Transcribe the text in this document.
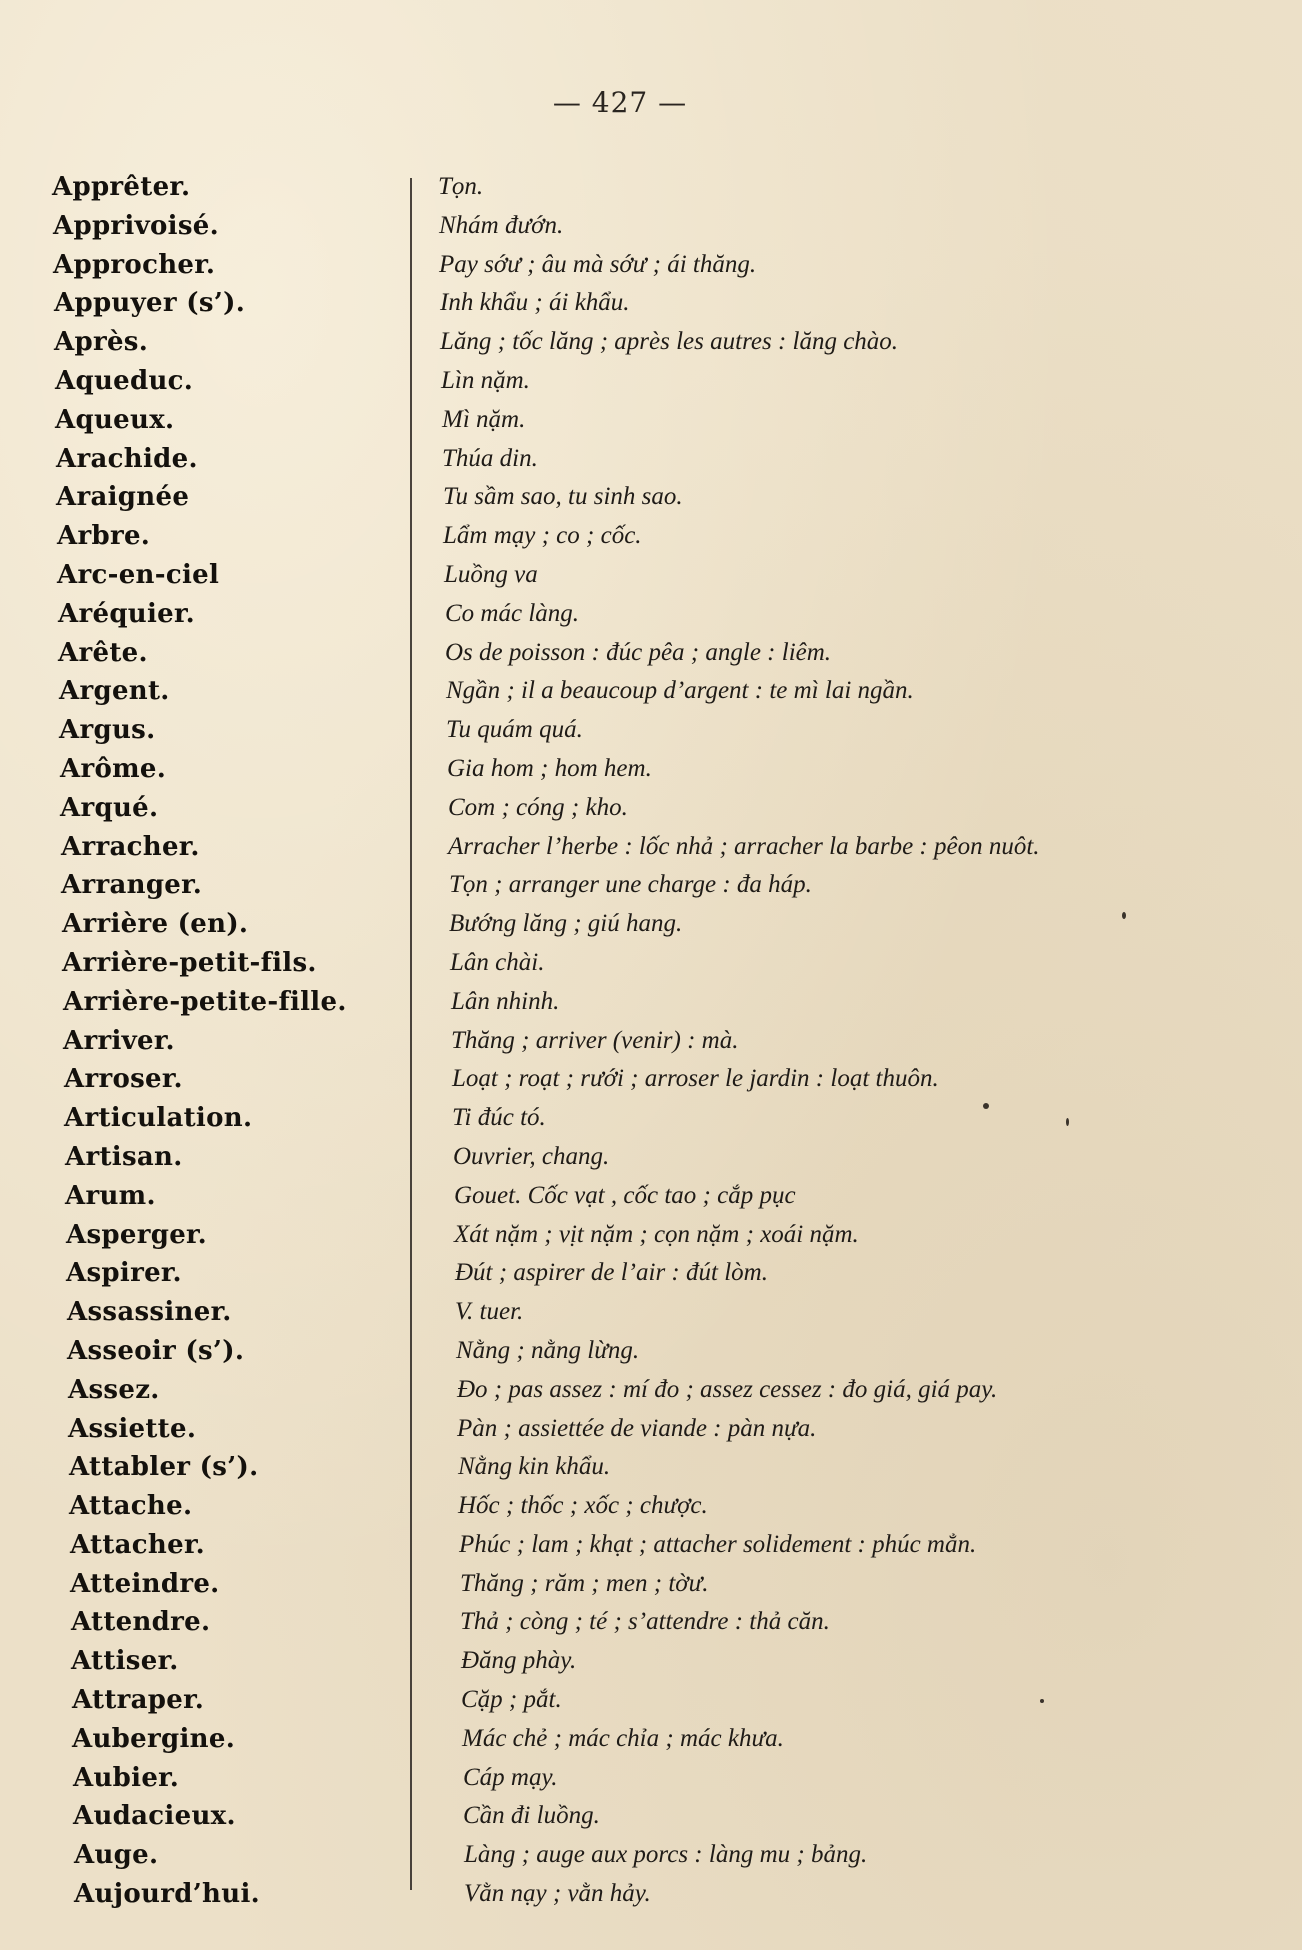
— 427 —
Apprêter.	Tọn.
Apprivoisé.	Nhám đướn.
Approcher.	Pay sớư ; âu mà sớư ; ái thăng.
Appuyer (s’).	Inh khẩu ; ái khẩu.
Après.	Lăng ; tốc lăng ; après les autres : lăng chào.
Aqueduc.	Lìn nặm.
Aqueux.	Mì nặm.
Arachide.	Thúa din.
Araignée	Tu sầm sao, tu sinh sao.
Arbre.	Lẩm mạy ; co ; cốc.
Arc-en-ciel	Luồng va
Aréquier.	Co mác làng.
Arête.	Os de poisson : đúc pêa ; angle : liêm.
Argent.	Ngần ; il a beaucoup d’argent : te mì lai ngần.
Argus.	Tu quám quá.
Arôme.	Gia hom ; hom hem.
Arqué.	Com ; cóng ; kho.
Arracher.	Arracher l’herbe : lốc nhả ; arracher la barbe : pêon nuôt.
Arranger.	Tọn ; arranger une charge : đa háp.
Arrière (en).	Bướng lăng ; giú hang.
Arrière-petit-fils.	Lân chài.
Arrière-petite-fille.	Lân nhinh.
Arriver.	Thăng ; arriver (venir) : mà.
Arroser.	Loạt ; roạt ; rưới ; arroser le jardin : loạt thuôn.
Articulation.	Ti đúc tó.
Artisan.	Ouvrier, chang.
Arum.	Gouet. Cốc vạt , cốc tao ; cắp pục
Asperger.	Xát nặm ; vịt nặm ; cọn nặm ; xoái nặm.
Aspirer.	Đút ; aspirer de l’air : đút lòm.
Assassiner.	V. tuer.
Asseoir (s’).	Nằng ; nằng lừng.
Assez.	Đo ; pas assez : mí đo ; assez cessez : đo giá, giá pay.
Assiette.	Pàn ; assiettée de viande : pàn nựa.
Attabler (s’).	Nằng kin khẩu.
Attache.	Hốc ; thốc ; xốc ; chược.
Attacher.	Phúc ; lam ; khạt ; attacher solidement : phúc mẳn.
Atteindre.	Thăng ; răm ; men ; tờư.
Attendre.	Thả ; còng ; té ; s’attendre : thả căn.
Attiser.	Đăng phày.
Attraper.	Cặp ; pắt.
Aubergine.	Mác chẻ ; mác chỉa ; mác khưa.
Aubier.	Cáp mạy.
Audacieux.	Cần đi luồng.
Auge.	Làng ; auge aux porcs : làng mu ; bảng.
Aujourd’hui.	Vằn nạy ; vằn hảy.
